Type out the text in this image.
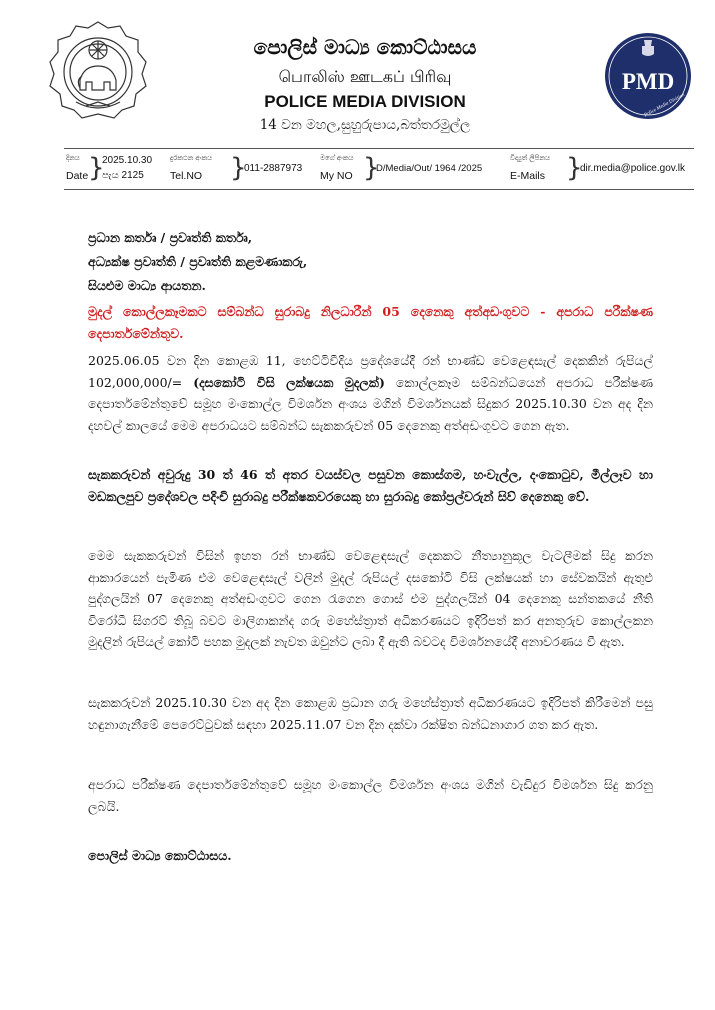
පොලිස් මාධ්‍ය කොට්ඨාසය
பொலிஸ் ஊடகப் பிரிவு
POLICE MEDIA DIVISION
14 වන මහල,සුහුරුපාය,බත්තරමුල්ල
PMD
Police Media Division
දිනය
Date }
2025.10.30
පැය 2125
දුරකථන අංකය
Tel.NO }
011-2887973
මගේ අංකය
My NO }
D/Media/Out/ 1964 /2025
විද්‍යුත් ලිපිනය
E-Mails }
dir.media@police.gov.lk
ප්‍රධාන කර්තෘ / ප්‍රවෘත්ති කර්තෘ,
අධ්‍යක්ෂ ප්‍රවෘත්ති / ප්‍රවෘත්ති කළමණාකරු,
සියළුම මාධ්‍ය ආයතන.
මුදල් කොල්ලකෑමකට සම්බන්ධ සුරාබදු නිලධාරීන් 05 දෙනෙකු අත්අඩංගුවට - අපරාධ පරීක්ෂණ දෙපාර්තමේන්තුව.
2025.06.05 වන දින කොළඹ 11, හෙට්ටිවීදිය ප්‍රදේශයේදී රන් භාණ්ඩ වෙළෙඳසැල් දෙකකින් රුපියල් 102,000,000/= (දසකෝටි විසි ලක්ෂයක මුදලක්) කොල්ලකෑම සම්බන්ධයෙන් අපරාධ පරීක්ෂණ දෙපාර්තමේන්තුවේ සමූහ මංකොල්ල විමර්ශන අංශය මගින් විමර්ශනයක් සිදුකර 2025.10.30 වන අද දින දහවල් කාලයේ මෙම අපරාධයට සම්බන්ධ සැකකරුවන් 05 දෙනෙකු අත්අඩංගුවට ගෙන ඇත.
සැකකරුවන් අවුරුදු 30 ත් 46 ත් අතර වයස්වල පසුවන කොස්ගම, හංවැල්ල, දංකොටුව, මීල්ලෑව හා මඩකලපුව ප්‍රදේශවල පදිංචි සුරාබදු පරීක්ෂකවරයෙකු හා සුරාබදු කෝප්‍රල්වරුන් සිව් දෙනෙකු වේ.
මෙම සැකකරුවන් විසින් ඉහත රන් භාණ්ඩ වෙළෙඳසැල් දෙකකට නීත්‍යානුකූල වැටලීමක් සිදු කරන ආකාරයෙන් පැමිණ එම වෙළෙඳසැල් වලින් මුදල් රුපියල් දසකෝටි විසි ලක්ෂයක් හා සේවකයින් ඇතුළු පුද්ගලයින් 07 දෙනෙකු අත්අඩංගුවට ගෙන රැගෙන ගොස් එම පුද්ගලයින් 04 දෙනෙකු සන්තකයේ නීති විරෝධී සිගරට් තිබූ බවට මාලිගාකන්ද ගරු මහේස්ත්‍රාත් අධිකරණයට ඉදිරිපත් කර අනතුරුව කොල්ලකන මුදලින් රුපියල් කෝටි පහක මුදලක් නැවත ඔවුන්ට ලබා දී ඇති බවටද විමර්ශනයේදී අනාවරණය වී ඇත.
සැකකරුවන් 2025.10.30 වන අද දින කොළඹ ප්‍රධාන ගරු මහේස්ත්‍රාත් අධිකරණයට ඉදිරිපත් කිරීමෙන් පසු හඳුනාගැනීමේ පෙරෙට්ටුවක් සඳහා 2025.11.07 වන දින දක්වා රක්ෂිත බන්ධනාගාර ගත කර ඇත.
අපරාධ පරීක්ෂණ දෙපාර්තමේන්තුවේ සමූහ මංකොල්ල විමර්ශන අංශය මගින් වැඩිදුර විමර්ශන සිදු කරනු ලබයි.
පොලිස් මාධ්‍ය කොට්ඨාසය.
